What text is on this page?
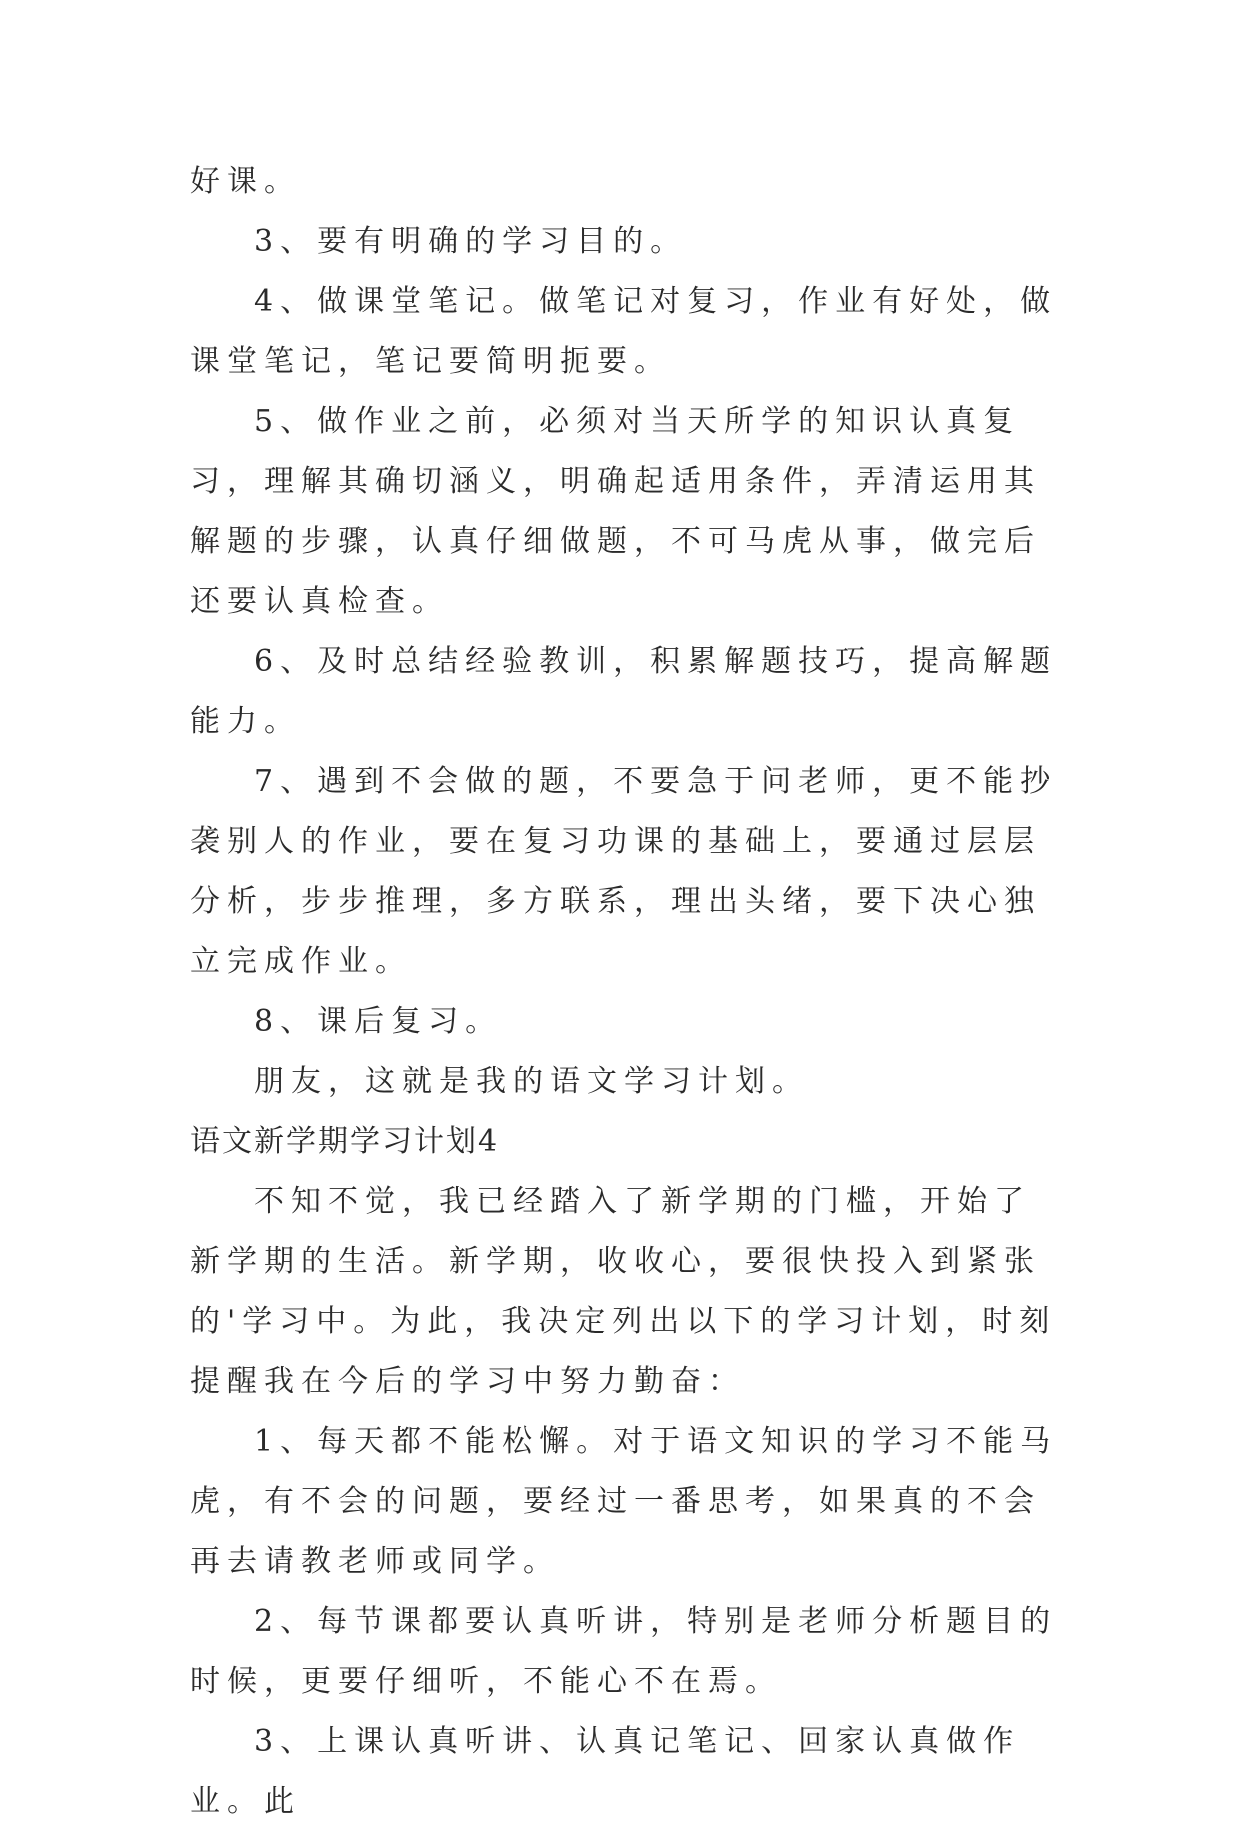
好课。

3、要有明确的学习目的。

4、做课堂笔记。做笔记对复习，作业有好处，做课堂笔记，笔记要简明扼要。

5、做作业之前，必须对当天所学的知识认真复习，理解其确切涵义，明确起适用条件，弄清运用其解题的步骤，认真仔细做题，不可马虎从事，做完后还要认真检查。

6、及时总结经验教训，积累解题技巧，提高解题能力。

7、遇到不会做的题，不要急于问老师，更不能抄袭别人的作业，要在复习功课的基础上，要通过层层分析，步步推理，多方联系，理出头绪，要下决心独立完成作业。

8、课后复习。

朋友，这就是我的语文学习计划。

语文新学期学习计划4

不知不觉，我已经踏入了新学期的门槛，开始了新学期的生活。新学期，收收心，要很快投入到紧张的'学习中。为此，我决定列出以下的学习计划，时刻提醒我在今后的学习中努力勤奋：

1、每天都不能松懈。对于语文知识的学习不能马虎，有不会的问题，要经过一番思考，如果真的不会再去请教老师或同学。

2、每节课都要认真听讲，特别是老师分析题目的时候，更要仔细听，不能心不在焉。

3、上课认真听讲、认真记笔记、回家认真做作业。此
